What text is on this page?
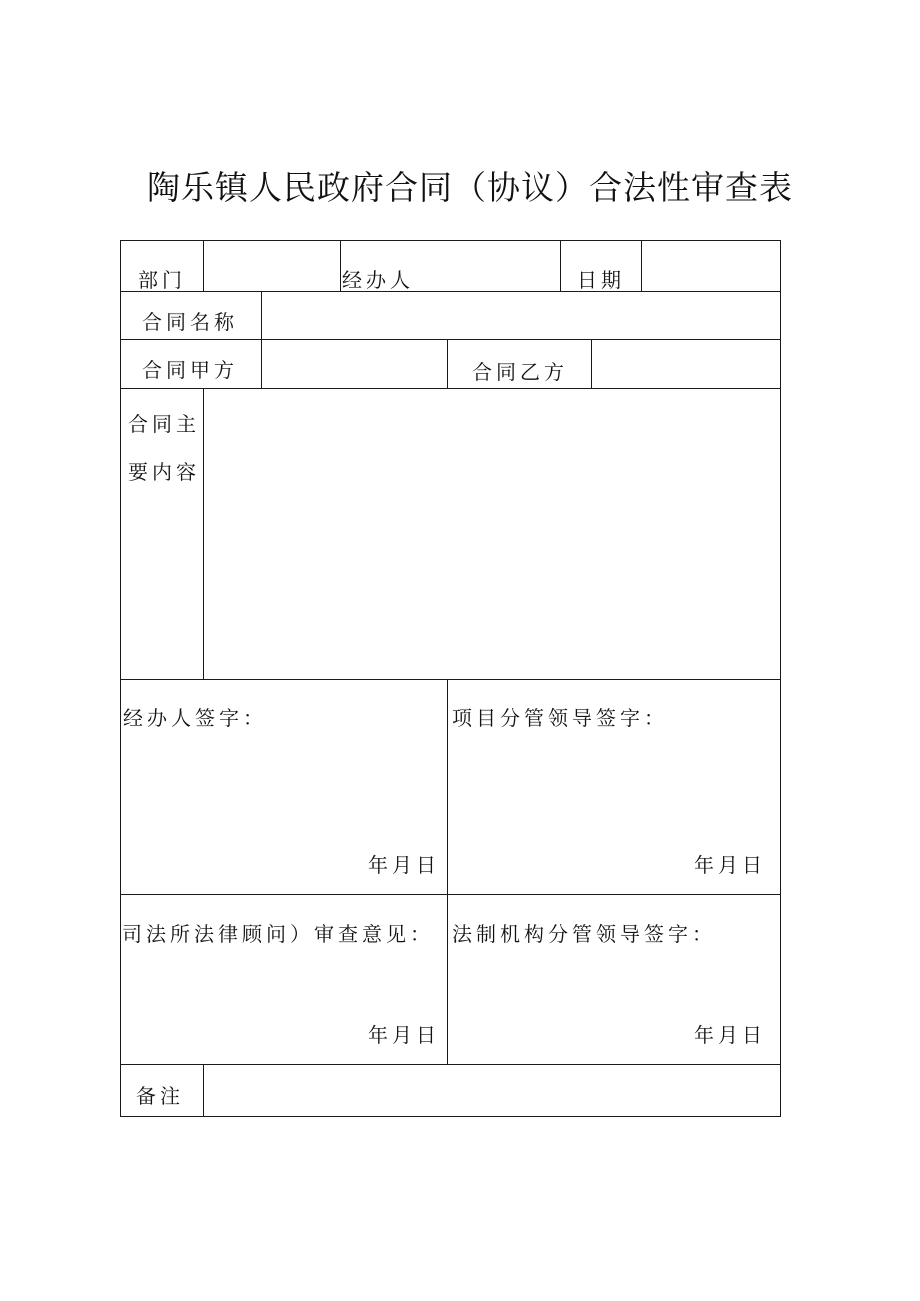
陶乐镇人民政府合同（协议）合法性审查表
部门	经办人	日期
合同名称
合同甲方	合同乙方
合同主
要内容
经办人签字：	项目分管领导签字：
年月日	年月日
司法所法律顾问）审查意见： 法制机构分管领导签字：
年月日	年月日
备注
